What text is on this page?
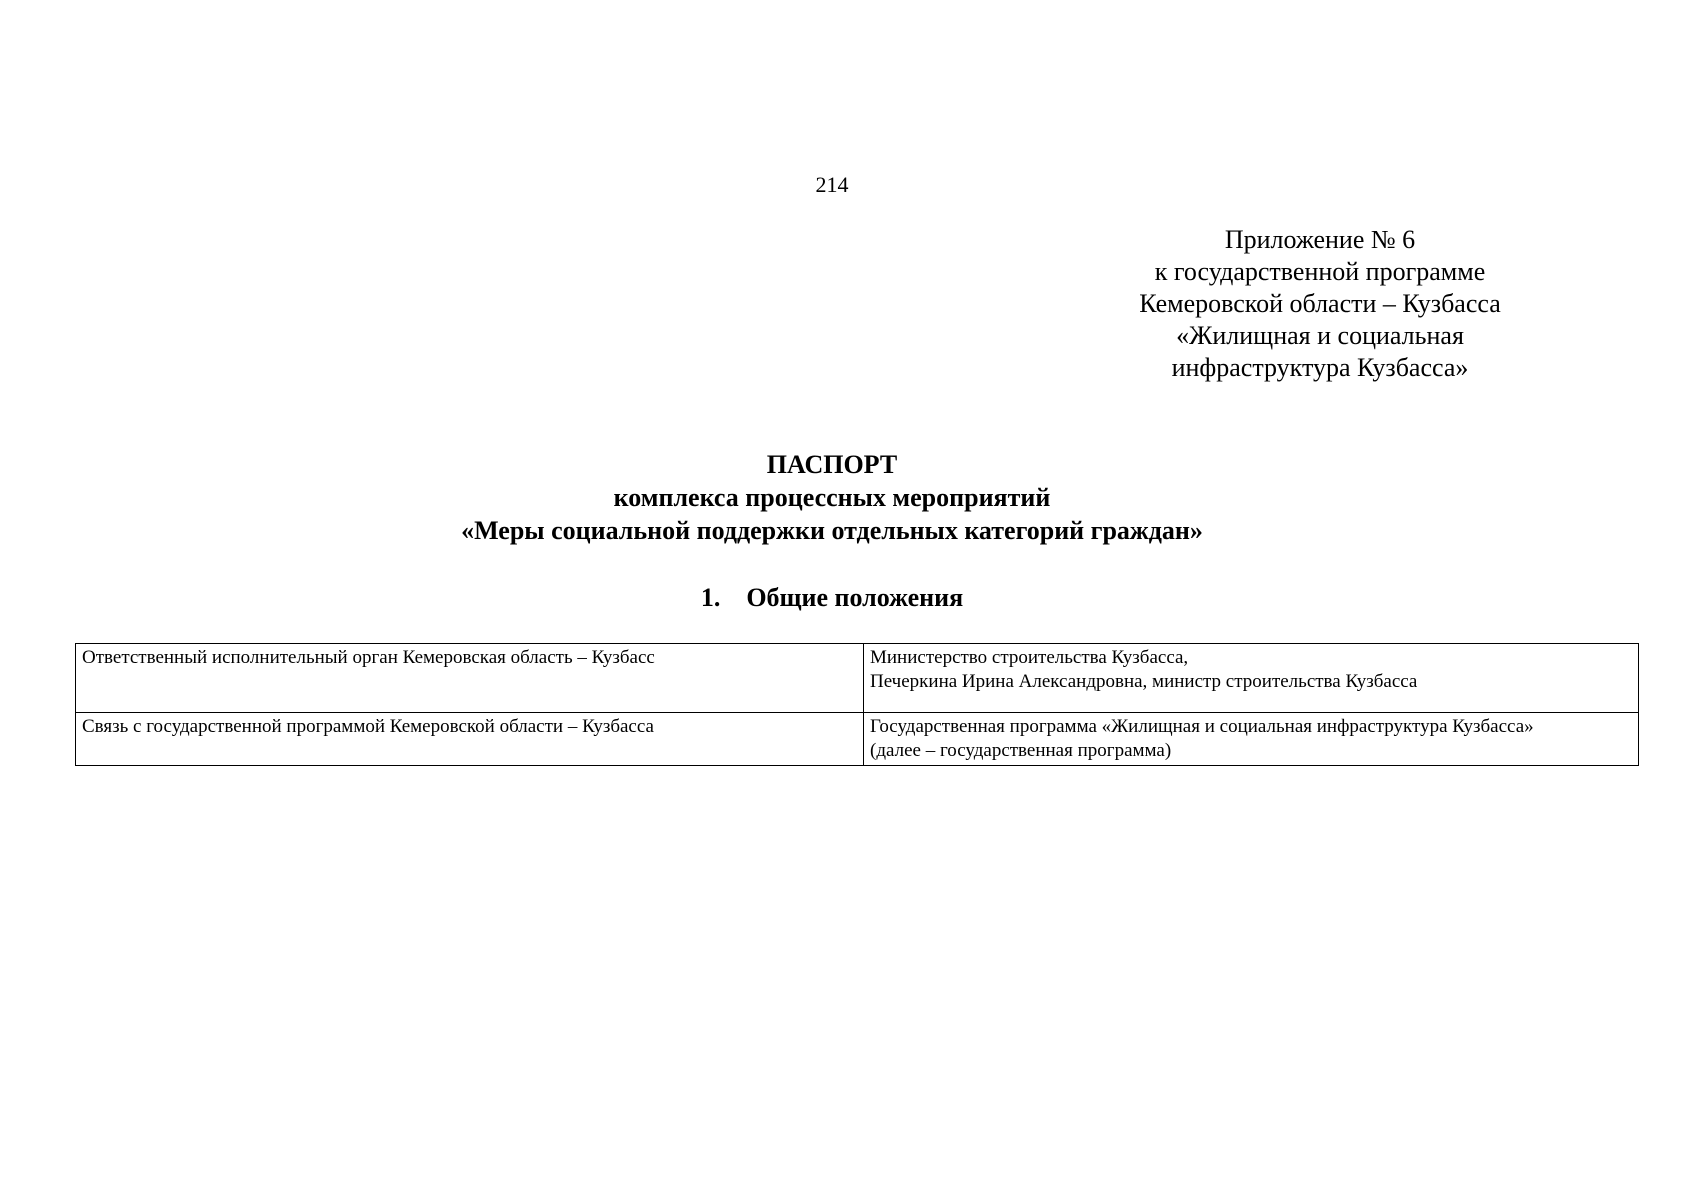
214
Приложение № 6
к государственной программе
Кемеровской области – Кузбасса
«Жилищная и социальная
инфраструктура Кузбасса»
ПАСПОРТ
комплекса процессных мероприятий
«Меры социальной поддержки отдельных категорий граждан»
1. Общие положения
Ответственный исполнительный орган Кемеровская область – Кузбасс	Министерство строительства Кузбасса,
Печеркина Ирина Александровна, министр строительства Кузбасса

Связь с государственной программой Кемеровской области – Кузбасса	Государственная программа «Жилищная и социальная инфраструктура Кузбасса»
(далее – государственная программа)
